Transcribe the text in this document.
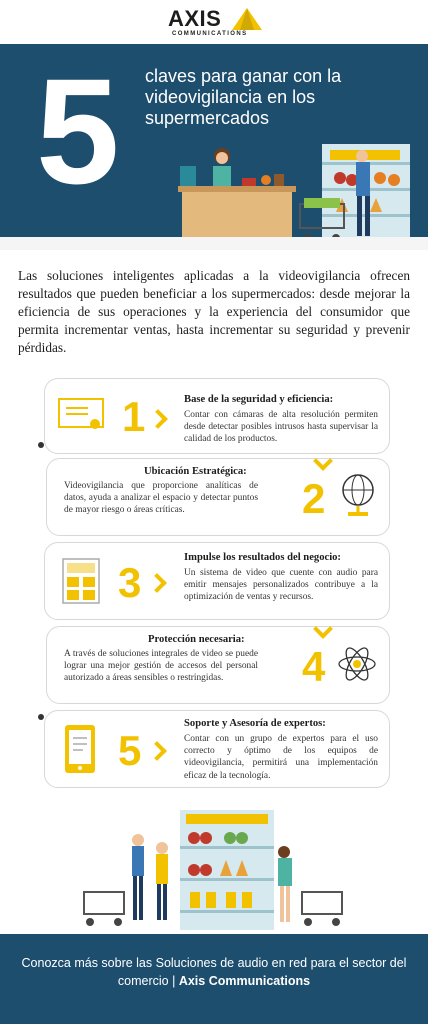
AXIS
COMMUNICATIONS
5 claves para ganar con la videovigilancia en los supermercados

Las soluciones inteligentes aplicadas a la videovigilancia ofrecen resultados que pueden beneficiar a los supermercados: desde mejorar la eficiencia de sus operaciones y la experiencia del consumidor que permita incrementar ventas, hasta incrementar su seguridad y prevenir pérdidas.

1	Base de la seguridad y eficiencia:
Contar con cámaras de alta resolución permiten desde detectar posibles intrusos hasta supervisar la calidad de los productos.
Ubicación Estratégica:
Videovigilancia que proporcione analíticas de datos, ayuda a analizar el espacio y detectar puntos de mayor riesgo o áreas críticas.	2
3
Impulse los resultados del negocio:
Un sistema de video que cuente con audio para emitir mensajes personalizados contribuye a la optimización de ventas y recursos.
Protección necesaria:
A través de soluciones integrales de video se puede lograr una mejor gestión de accesos del personal autorizado a áreas sensibles o restringidas.	4
5
Soporte y Asesoría de expertos:
Contar con un grupo de expertos para el uso correcto y óptimo de los equipos de videovigilancia, permitirá una implementación eficaz de la tecnología.
Conozca más sobre las Soluciones de audio en red para el sector del comercio | Axis Communications
